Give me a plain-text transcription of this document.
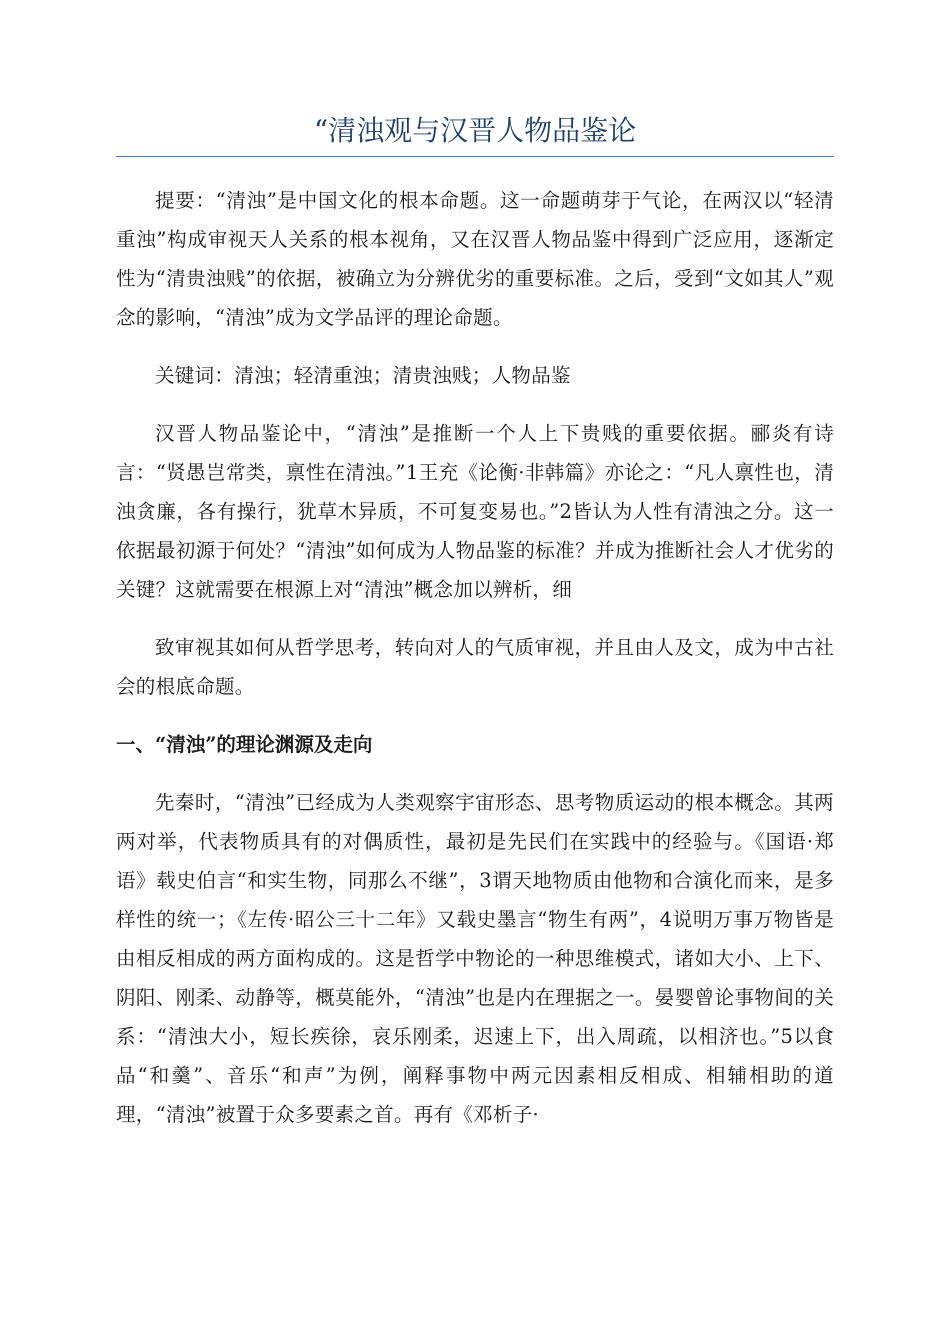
“清浊观与汉晋人物品鉴论

提要：“清浊”是中国文化的根本命题。这一命题萌芽于气论，在两汉以“轻清重浊”构成审视天人关系的根本视角，又在汉晋人物品鉴中得到广泛应用，逐渐定性为“清贵浊贱”的依据，被确立为分辨优劣的重要标准。之后，受到“文如其人”观念的影响，“清浊”成为文学品评的理论命题。

关键词：清浊；轻清重浊；清贵浊贱；人物品鉴

汉晋人物品鉴论中，“清浊”是推断一个人上下贵贱的重要依据。郦炎有诗言：“贤愚岂常类，禀性在清浊。”1王充《论衡·非韩篇》亦论之：“凡人禀性也，清浊贪廉，各有操行，犹草木异质，不可复变易也。”2皆认为人性有清浊之分。这一依据最初源于何处？“清浊”如何成为人物品鉴的标准？并成为推断社会人才优劣的关键？这就需要在根源上对“清浊”概念加以辨析，细

致审视其如何从哲学思考，转向对人的气质审视，并且由人及文，成为中古社会的根底命题。

一、“清浊”的理论渊源及走向

先秦时，“清浊”已经成为人类观察宇宙形态、思考物质运动的根本概念。其两两对举，代表物质具有的对偶质性，最初是先民们在实践中的经验与。《国语·郑语》载史伯言“和实生物，同那么不继”，3谓天地物质由他物和合演化而来，是多样性的统一；《左传·昭公三十二年》又载史墨言“物生有两”，4说明万事万物皆是由相反相成的两方面构成的。这是哲学中物论的一种思维模式，诸如大小、上下、阴阳、刚柔、动静等，概莫能外，“清浊”也是内在理据之一。晏婴曾论事物间的关系：“清浊大小，短长疾徐，哀乐刚柔，迟速上下，出入周疏，以相济也。”5以食品“和羹”、音乐“和声”为例，阐释事物中两元因素相反相成、相辅相助的道理，“清浊”被置于众多要素之首。再有《邓析子·
